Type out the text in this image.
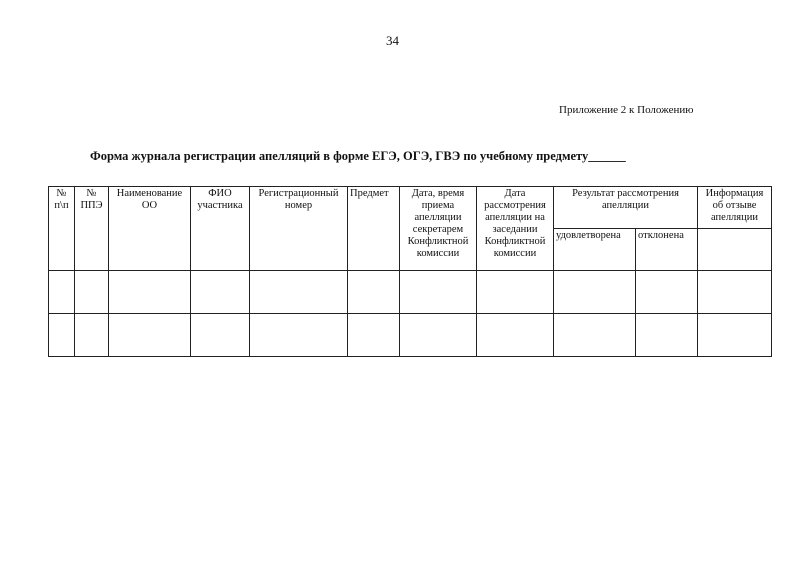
34
Приложение 2 к Положению
Форма журнала регистрации апелляций в форме ЕГЭ, ОГЭ, ГВЭ по учебному предмету______
№ п\п	№ ППЭ	Наименование ОО	ФИО участника	Регистрационный номер	Предмет	Дата, время приема апелляции секретарем Конфликтной комиссии	Дата рассмотрения апелляции на заседании Конфликтной комиссии	Результат рассмотрения апелляции		Информация об отзыве апелляции
								удовлетворена	отклонена	
